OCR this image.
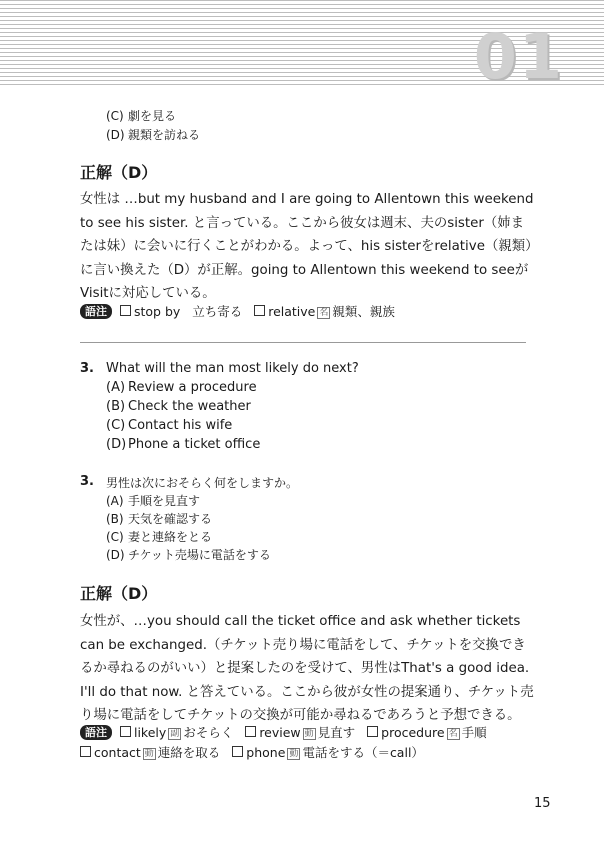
01
(C) 劇を見る
(D) 親類を訪ねる
正解（D）
女性は …but my husband and I are going to Allentown this weekend
to see his sister. と言っている。ここから彼女は週末、夫のsister（姉ま
たは妹）に会いに行くことがわかる。よって、his sisterをrelative（親類）
に言い換えた（D）が正解。going to Allentown this weekend to seeが
Visitに対応している。
語注 stop by 立ち寄る relative 名 親類、親族
3. What will the man most likely do next?
(A) Review a procedure
(B) Check the weather
(C) Contact his wife
(D) Phone a ticket office
3. 男性は次におそらく何をしますか。
(A) 手順を見直す
(B) 天気を確認する
(C) 妻と連絡をとる
(D) チケット売場に電話をする
正解（D）
女性が、…you should call the ticket office and ask whether tickets
can be exchanged.（チケット売り場に電話をして、チケットを交換でき
るか尋ねるのがいい）と提案したのを受けて、男性はThat's a good idea.
I'll do that now. と答えている。ここから彼が女性の提案通り、チケット売
り場に電話をしてチケットの交換が可能か尋ねるであろうと予想できる。
語注 likely 副 おそらく review 動 見直す procedure 名 手順
contact 動 連絡を取る phone 動 電話をする（＝call）
15
